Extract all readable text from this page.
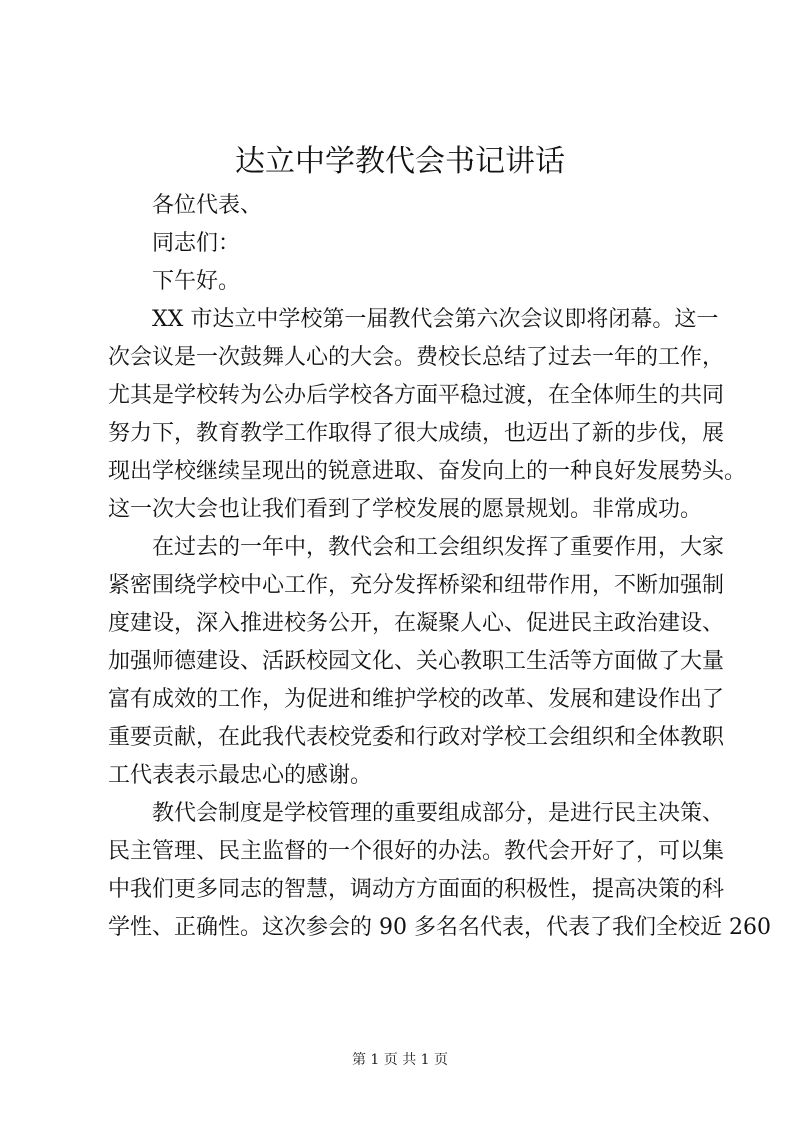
达立中学教代会书记讲话
各位代表、
同志们：
下午好。
XX 市达立中学校第一届教代会第六次会议即将闭幕。这一
次会议是一次鼓舞人心的大会。费校长总结了过去一年的工作，
尤其是学校转为公办后学校各方面平稳过渡，在全体师生的共同
努力下，教育教学工作取得了很大成绩，也迈出了新的步伐，展
现出学校继续呈现出的锐意进取、奋发向上的一种良好发展势头。
这一次大会也让我们看到了学校发展的愿景规划。非常成功。
在过去的一年中，教代会和工会组织发挥了重要作用，大家
紧密围绕学校中心工作，充分发挥桥梁和纽带作用，不断加强制
度建设，深入推进校务公开，在凝聚人心、促进民主政治建设、
加强师德建设、活跃校园文化、关心教职工生活等方面做了大量
富有成效的工作，为促进和维护学校的改革、发展和建设作出了
重要贡献，在此我代表校党委和行政对学校工会组织和全体教职
工代表表示最忠心的感谢。
教代会制度是学校管理的重要组成部分，是进行民主决策、
民主管理、民主监督的一个很好的办法。教代会开好了，可以集
中我们更多同志的智慧，调动方方面面的积极性，提高决策的科
学性、正确性。这次参会的 90 多名名代表，代表了我们全校近 260
第 1 页 共 1 页
